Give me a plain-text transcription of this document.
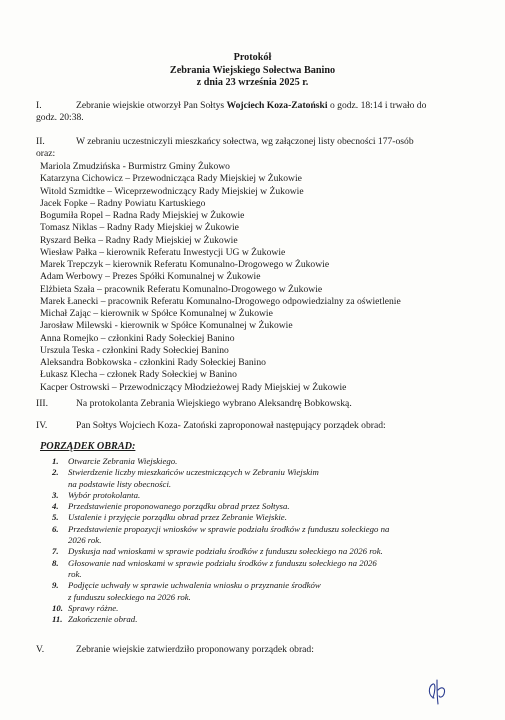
Protokół
Zebrania Wiejskiego Sołectwa Banino
z dnia 23 września 2025 r.
I.	Zebranie wiejskie otworzył Pan Sołtys Wojciech Koza-Zatoński o godz. 18:14 i trwało do
godz. 20:38.
II.	W zebraniu uczestniczyli mieszkańcy sołectwa, wg załączonej listy obecności 177-osób
oraz:
Mariola Zmudzińska - Burmistrz Gminy Żukowo
Katarzyna Cichowicz – Przewodnicząca Rady Miejskiej w Żukowie
Witold Szmidtke – Wiceprzewodniczący Rady Miejskiej w Żukowie
Jacek Fopke – Radny Powiatu Kartuskiego
Bogumiła Ropel – Radna Rady Miejskiej w Żukowie
Tomasz Niklas – Radny Rady Miejskiej w Żukowie
Ryszard Bełka – Radny Rady Miejskiej w Żukowie
Wiesław Pałka – kierownik Referatu Inwestycji UG w Żukowie
Marek Trepczyk – kierownik Referatu Komunalno-Drogowego w Żukowie
Adam Werbowy – Prezes Spółki Komunalnej w Żukowie
Elżbieta Szała – pracownik Referatu Komunalno-Drogowego w Żukowie
Marek Łanecki – pracownik Referatu Komunalno-Drogowego odpowiedzialny za oświetlenie
Michał Zając – kierownik w Spółce Komunalnej w Żukowie
Jarosław Milewski - kierownik w Spółce Komunalnej w Żukowie
Anna Romejko – członkini Rady Sołeckiej Banino
Urszula Teska - członkini Rady Sołeckiej Banino
Aleksandra Bobkowska - członkini Rady Sołeckiej Banino
Łukasz Klecha – członek Rady Sołeckiej w Banino
Kacper Ostrowski – Przewodniczący Młodzieżowej Rady Miejskiej w Żukowie
III.	Na protokolanta Zebrania Wiejskiego wybrano Aleksandrę Bobkowską.
IV.	Pan Sołtys Wojciech Koza- Zatoński zaproponował następujący porządek obrad:
PORZĄDEK OBRAD:
1. Otwarcie Zebrania Wiejskiego.
2. Stwierdzenie liczby mieszkańców uczestniczących w Zebraniu Wiejskim
na podstawie listy obecności.
3. Wybór protokolanta.
4. Przedstawienie proponowanego porządku obrad przez Sołtysa.
5. Ustalenie i przyjęcie porządku obrad przez Zebranie Wiejskie.
6. Przedstawienie propozycji wniosków w sprawie podziału środków z funduszu sołeckiego na
2026 rok.
7. Dyskusja nad wnioskami w sprawie podziału środków z funduszu sołeckiego na 2026 rok.
8. Głosowanie nad wnioskami w sprawie podziału środków z funduszu sołeckiego na 2026
rok.
9. Podjęcie uchwały w sprawie uchwalenia wniosku o przyznanie środków
z funduszu sołeckiego na 2026 rok.
10. Sprawy różne.
11. Zakończenie obrad.
V.	Zebranie wiejskie zatwierdziło proponowany porządek obrad:
